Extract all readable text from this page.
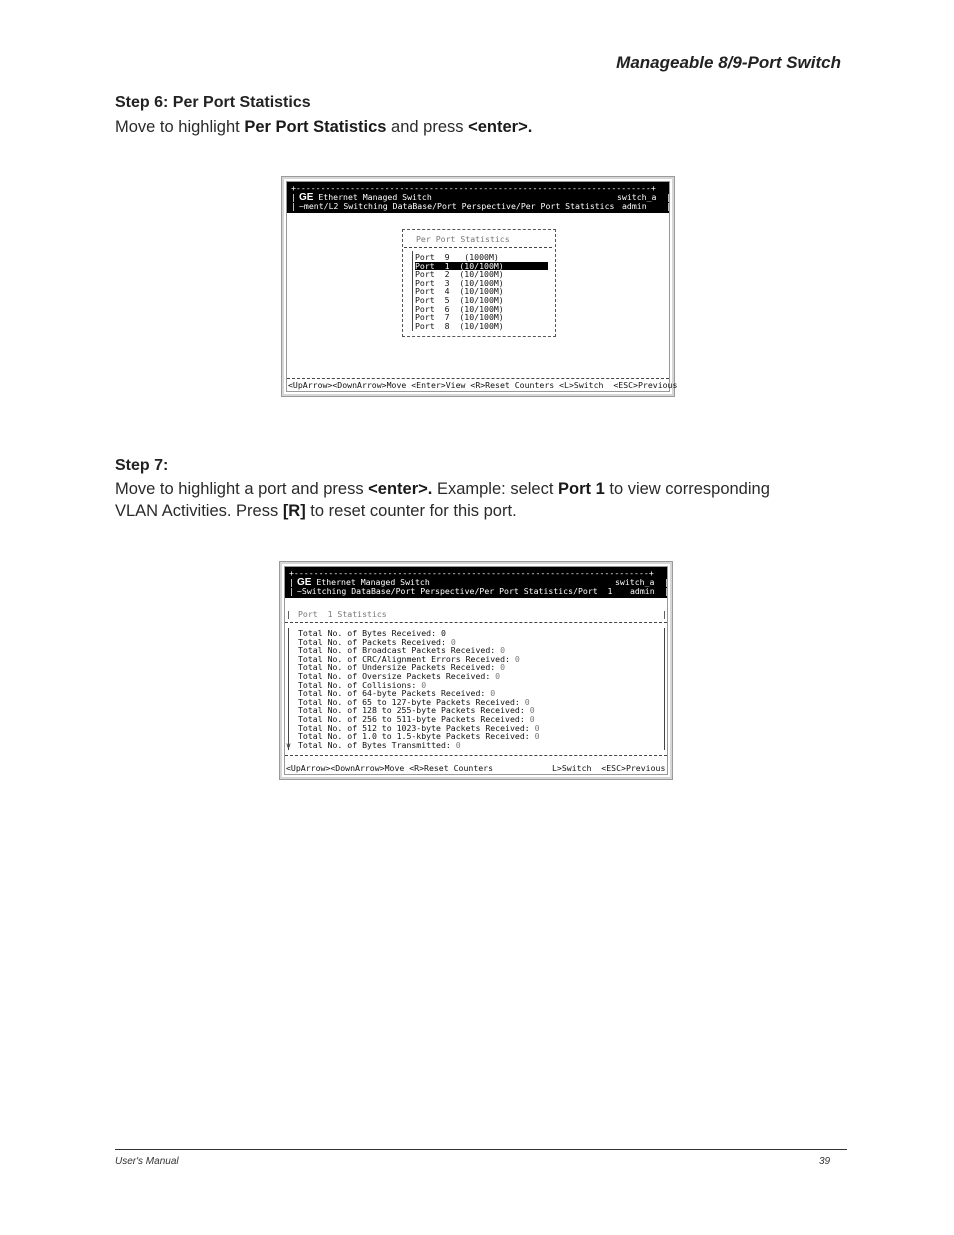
Manageable 8/9-Port Switch
Step 6: Per Port Statistics
Move to highlight Per Port Statistics and press <enter>.
+------------------------------------------------------------------------+
| GE Ethernet Managed Switch	switch_a |
| ~ment/L2 Switching DataBase/Port Perspective/Per Port Statistics admin |
Per Port Statistics
Port  9   (1000M)
Port  1  (10/100M)
Port  2  (10/100M)
Port  3  (10/100M)
Port  4  (10/100M)
Port  5  (10/100M)
Port  6  (10/100M)
Port  7  (10/100M)
Port  8  (10/100M)
<UpArrow><DownArrow>Move <Enter>View <R>Reset Counters <L>Switch  <ESC>Previous
Step 7:
Move to highlight a port and press <enter>. Example: select Port 1 to view corresponding
VLAN Activities. Press [R] to reset counter for this port.
+------------------------------------------------------------------------+
| GE Ethernet Managed Switch	switch_a |
| ~Switching DataBase/Port Perspective/Per Port Statistics/Port  1 admin |
| Port  1 Statistics	|
Total No. of Bytes Received: 0
Total No. of Packets Received: 0
Total No. of Broadcast Packets Received: 0
Total No. of CRC/Alignment Errors Received: 0
Total No. of Undersize Packets Received: 0
Total No. of Oversize Packets Received: 0
Total No. of Collisions: 0
Total No. of 64-byte Packets Received: 0
Total No. of 65 to 127-byte Packets Received: 0
Total No. of 128 to 255-byte Packets Received: 0
Total No. of 256 to 511-byte Packets Received: 0
Total No. of 512 to 1023-byte Packets Received: 0
Total No. of 1.0 to 1.5-kbyte Packets Received: 0
Total No. of Bytes Transmitted: 0
v
<UpArrow><DownArrow>Move <R>Reset Counters	L>Switch  <ESC>Previous
User's Manual	39
